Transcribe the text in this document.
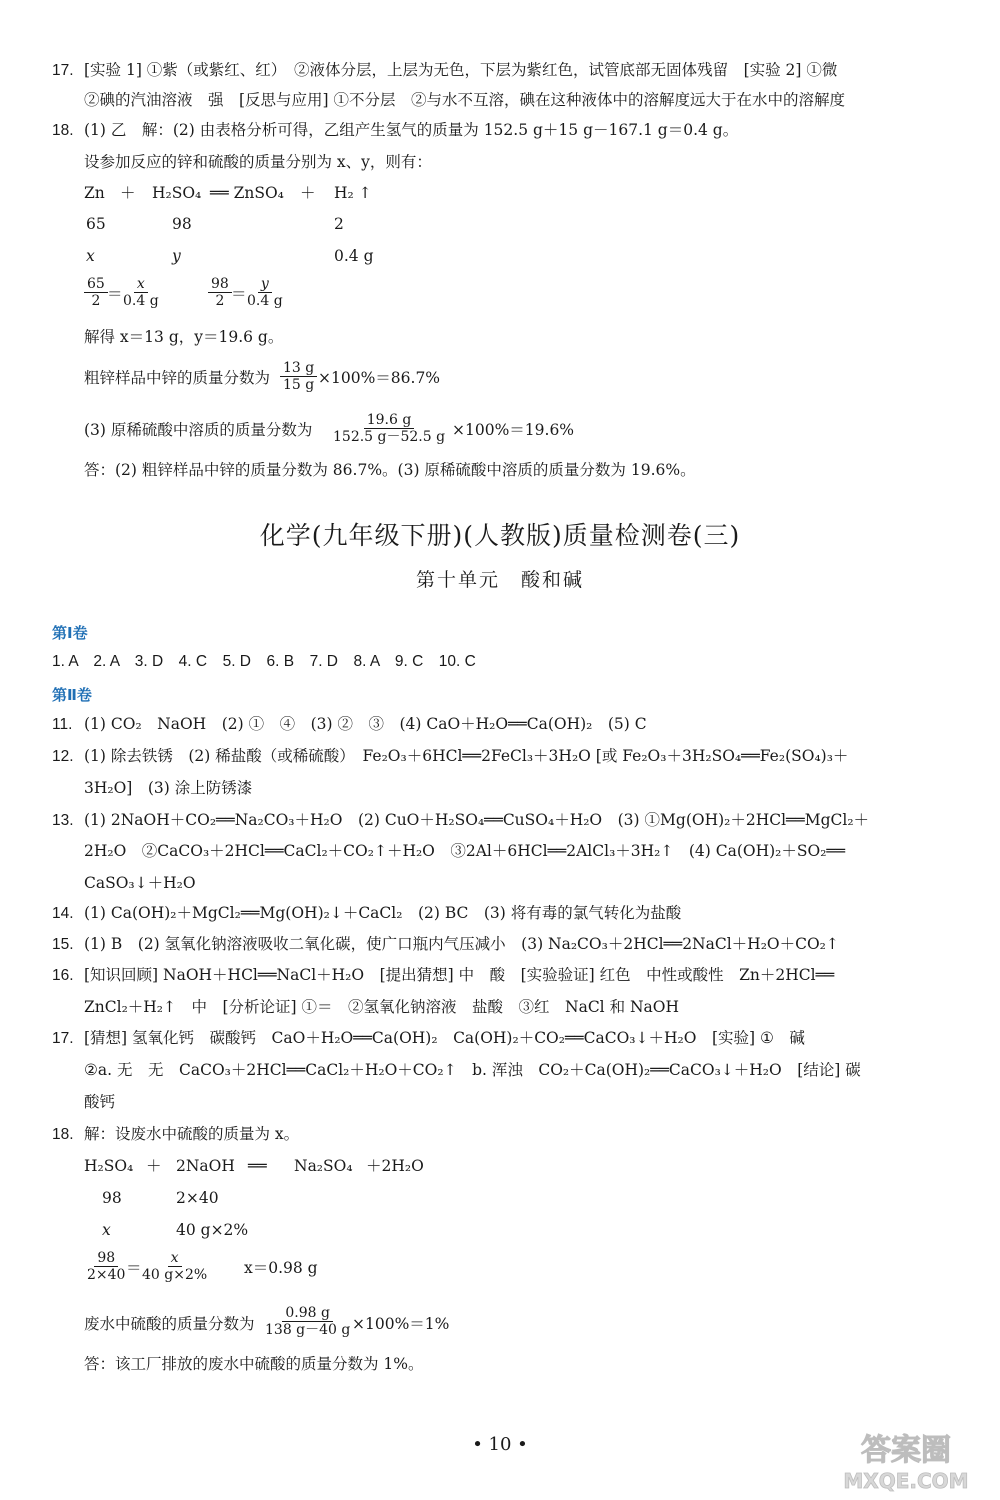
17. [实验 1] ①紫（或紫红、红）　②液体分层，上层为无色，下层为紫红色，试管底部无固体残留　[实验 2] ①微
②碘的汽油溶液　强　[反思与应用] ①不分层　②与水不互溶，碘在这种液体中的溶解度远大于在水中的溶解度
18. (1) 乙　解：(2) 由表格分析可得，乙组产生氢气的质量为 152.5 g＋15 g－167.1 g＝0.4 g。
设参加反应的锌和硫酸的质量分别为 x、y，则有：
Zn ＋ H₂SO₄ ══ ZnSO₄ ＋ H₂ ↑
65	98	2
x	y	0.4 g
$\frac{65}{2}$ ＝
$\frac{x}{0.4 g}$	$\frac{98}{2}$ ＝
$\frac{y}{0.4 g}$
解得 x＝13 g，y＝19.6 g。
粗锌样品中锌的质量分数为 $\frac{13 g}{15 g} \times 100\%=86.7\%$
(3) 原稀硫酸中溶质的质量分数为 $\frac{19.6 g}{152.5 g-52.5 g} \times 100\%=19.6\%$
答：(2) 粗锌样品中锌的质量分数为 86.7%。(3) 原稀硫酸中溶质的质量分数为 19.6%。
化学(九年级下册)(人教版)质量检测卷(三)
第十单元　酸和碱
第Ⅰ卷
1. A　2. A　3. D　4. C　5. D　6. B　7. D　8. A　9. C　10. C
第Ⅱ卷
11. (1) CO₂　NaOH　(2) ①　④　(3) ②　③　(4) CaO＋H₂O══Ca(OH)₂　(5) C
12. (1) 除去铁锈　(2) 稀盐酸（或稀硫酸）　Fe₂O₃＋6HCl══2FeCl₃＋3H₂O [或 Fe₂O₃＋3H₂SO₄══Fe₂(SO₄)₃＋
3H₂O]　(3) 涂上防锈漆
13. (1) 2NaOH＋CO₂══Na₂CO₃＋H₂O　(2) CuO＋H₂SO₄══CuSO₄＋H₂O　(3) ①Mg(OH)₂＋2HCl══MgCl₂＋
2H₂O　②CaCO₃＋2HCl══CaCl₂＋CO₂↑＋H₂O　③2Al＋6HCl══2AlCl₃＋3H₂↑　(4) Ca(OH)₂＋SO₂══
CaSO₃↓＋H₂O
14. (1) Ca(OH)₂＋MgCl₂══Mg(OH)₂↓＋CaCl₂　(2) BC　(3) 将有毒的氯气转化为盐酸
15. (1) B　(2) 氢氧化钠溶液吸收二氧化碳，使广口瓶内气压减小　(3) Na₂CO₃＋2HCl══2NaCl＋H₂O＋CO₂↑
16. [知识回顾] NaOH＋HCl══NaCl＋H₂O　[提出猜想] 中　酸　[实验验证] 红色　中性或酸性　Zn＋2HCl══
ZnCl₂＋H₂↑　中　[分析论证] ①＝　②氢氧化钠溶液　盐酸　③红　NaCl 和 NaOH
17. [猜想] 氢氧化钙　碳酸钙　CaO＋H₂O══Ca(OH)₂　Ca(OH)₂＋CO₂══CaCO₃↓＋H₂O　[实验] ①　碱
②a. 无　无　CaCO₃＋2HCl══CaCl₂＋H₂O＋CO₂↑　b. 浑浊　CO₂＋Ca(OH)₂══CaCO₃↓＋H₂O　[结论] 碳
酸钙
18. 解：设废水中硫酸的质量为 x。
H₂SO₄ ＋ 2NaOH ══ Na₂SO₄ ＋2H₂O
98	2×40
x	40 g×2%
$\frac{98}{2\times 40}$
＝
$\frac{x}{40 g\times 2\%} x=0.98$ g
废水中硫酸的质量分数为 $\frac{0.98 g}{138 g-40 g}$
×100%＝1%
答：该工厂排放的废水中硫酸的质量分数为 1%。
• 10 •	答案圈
MXQE.COM
